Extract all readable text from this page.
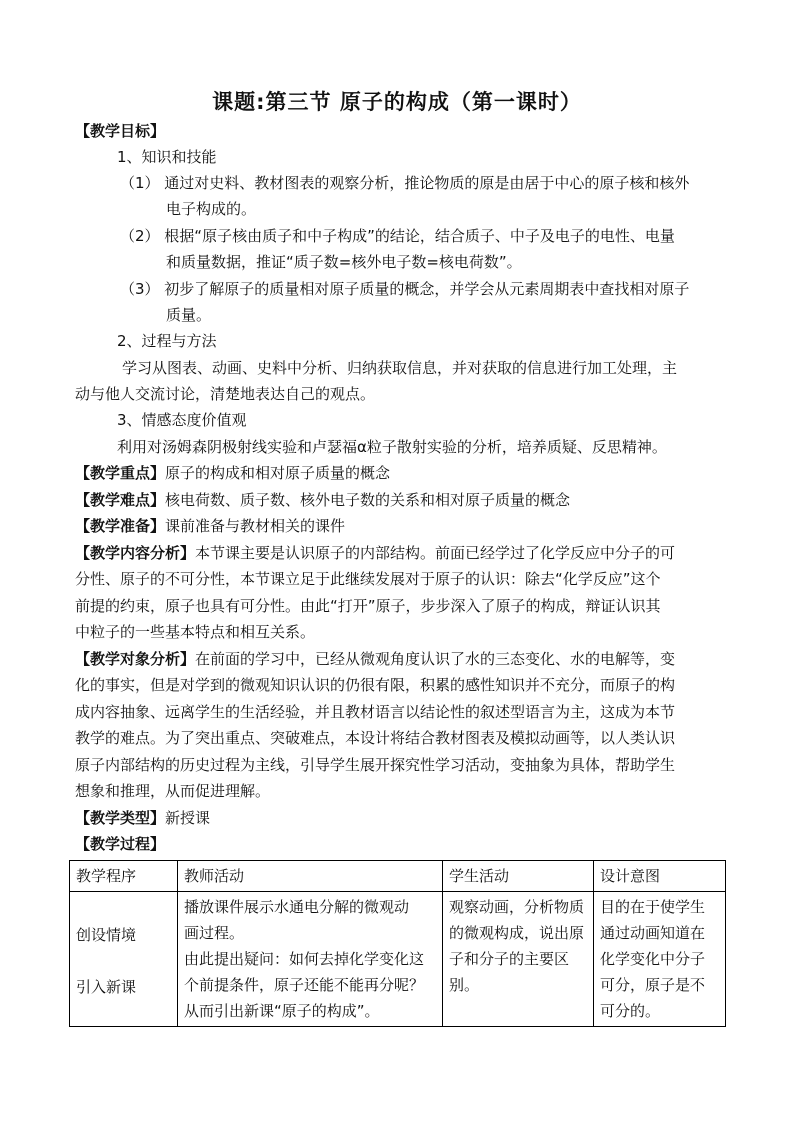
课题:第三节 原子的构成（第一课时）
【教学目标】
1、知识和技能
（1） 通过对史料、教材图表的观察分析，推论物质的原是由居于中心的原子核和核外
电子构成的。
（2） 根据“原子核由质子和中子构成”的结论，结合质子、中子及电子的电性、电量
和质量数据，推证“质子数=核外电子数=核电荷数”。
（3） 初步了解原子的质量相对原子质量的概念，并学会从元素周期表中查找相对原子
质量。
2、过程与方法
学习从图表、动画、史料中分析、归纳获取信息，并对获取的信息进行加工处理，主
动与他人交流讨论，清楚地表达自己的观点。
3、情感态度价值观
利用对汤姆森阴极射线实验和卢瑟福α粒子散射实验的分析，培养质疑、反思精神。
【教学重点】原子的构成和相对原子质量的概念
【教学难点】核电荷数、质子数、核外电子数的关系和相对原子质量的概念
【教学准备】课前准备与教材相关的课件
【教学内容分析】本节课主要是认识原子的内部结构。前面已经学过了化学反应中分子的可
分性、原子的不可分性，本节课立足于此继续发展对于原子的认识：除去“化学反应”这个
前提的约束，原子也具有可分性。由此“打开”原子，步步深入了原子的构成，辩证认识其
中粒子的一些基本特点和相互关系。
【教学对象分析】在前面的学习中，已经从微观角度认识了水的三态变化、水的电解等，变
化的事实，但是对学到的微观知识认识的仍很有限，积累的感性知识并不充分，而原子的构
成内容抽象、远离学生的生活经验，并且教材语言以结论性的叙述型语言为主，这成为本节
教学的难点。为了突出重点、突破难点，本设计将结合教材图表及模拟动画等，以人类认识
原子内部结构的历史过程为主线，引导学生展开探究性学习活动，变抽象为具体，帮助学生
想象和推理，从而促进理解。
【教学类型】新授课
【教学过程】
教学程序	教师活动	学生活动	设计意图

创设情境

引入新课	播放课件展示水通电分解的微观动
画过程。
由此提出疑问：如何去掉化学变化这
个前提条件，原子还能不能再分呢？
从而引出新课“原子的构成”。	观察动画，分析物质
的微观构成，说出原
子和分子的主要区
别。	目的在于使学生
通过动画知道在
化学变化中分子
可分，原子是不
可分的。
